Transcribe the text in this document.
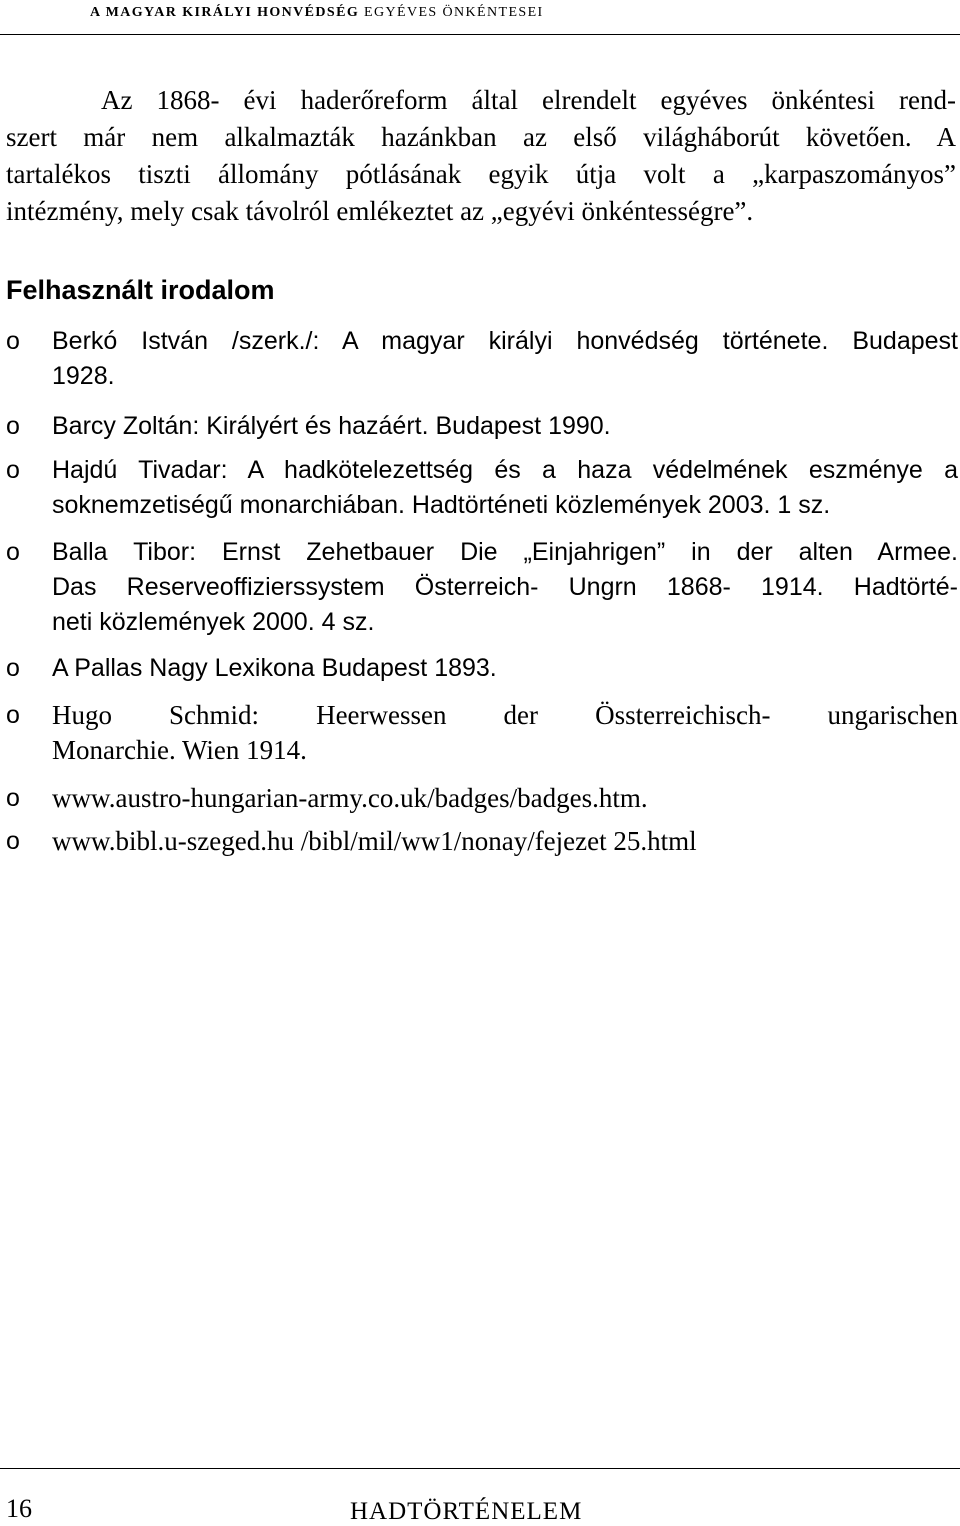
A MAGYAR KIRÁLYI HONVÉDSÉG EGYÉVES ÖNKÉNTESEI
Az 1868- évi haderőreform által elrendelt egyéves önkéntesi rend-
szert már nem alkalmazták hazánkban az első világháborút követően. A
tartalékos tiszti állomány pótlásának egyik útja volt a „karpaszományos”
intézmény, mely csak távolról emlékeztet az „egyévi önkéntességre”.
Felhasznált irodalom
o	Berkó István /szerk./: A magyar királyi honvédség története. Budapest
1928.
o	Barcy Zoltán: Királyért és hazáért. Budapest 1990.
o	Hajdú Tivadar: A hadkötelezettség és a haza védelmének eszménye a
soknemzetiségű monarchiában. Hadtörténeti közlemények 2003. 1 sz.
o	Balla Tibor: Ernst Zehetbauer Die „Einjahrigen” in der alten Armee.
Das Reserveoffizierssystem Österreich- Ungrn 1868- 1914. Hadtörté-
neti közlemények 2000. 4 sz.
o	A Pallas Nagy Lexikona Budapest 1893.
o	Hugo Schmid: Heerwessen der Össterreichisch- ungarischen
Monarchie. Wien 1914.
o	www.austro-hungarian-army.co.uk/badges/badges.htm.
o	www.bibl.u-szeged.hu /bibl/mil/ww1/nonay/fejezet 25.html
16	HADTÖRTÉNELEM
